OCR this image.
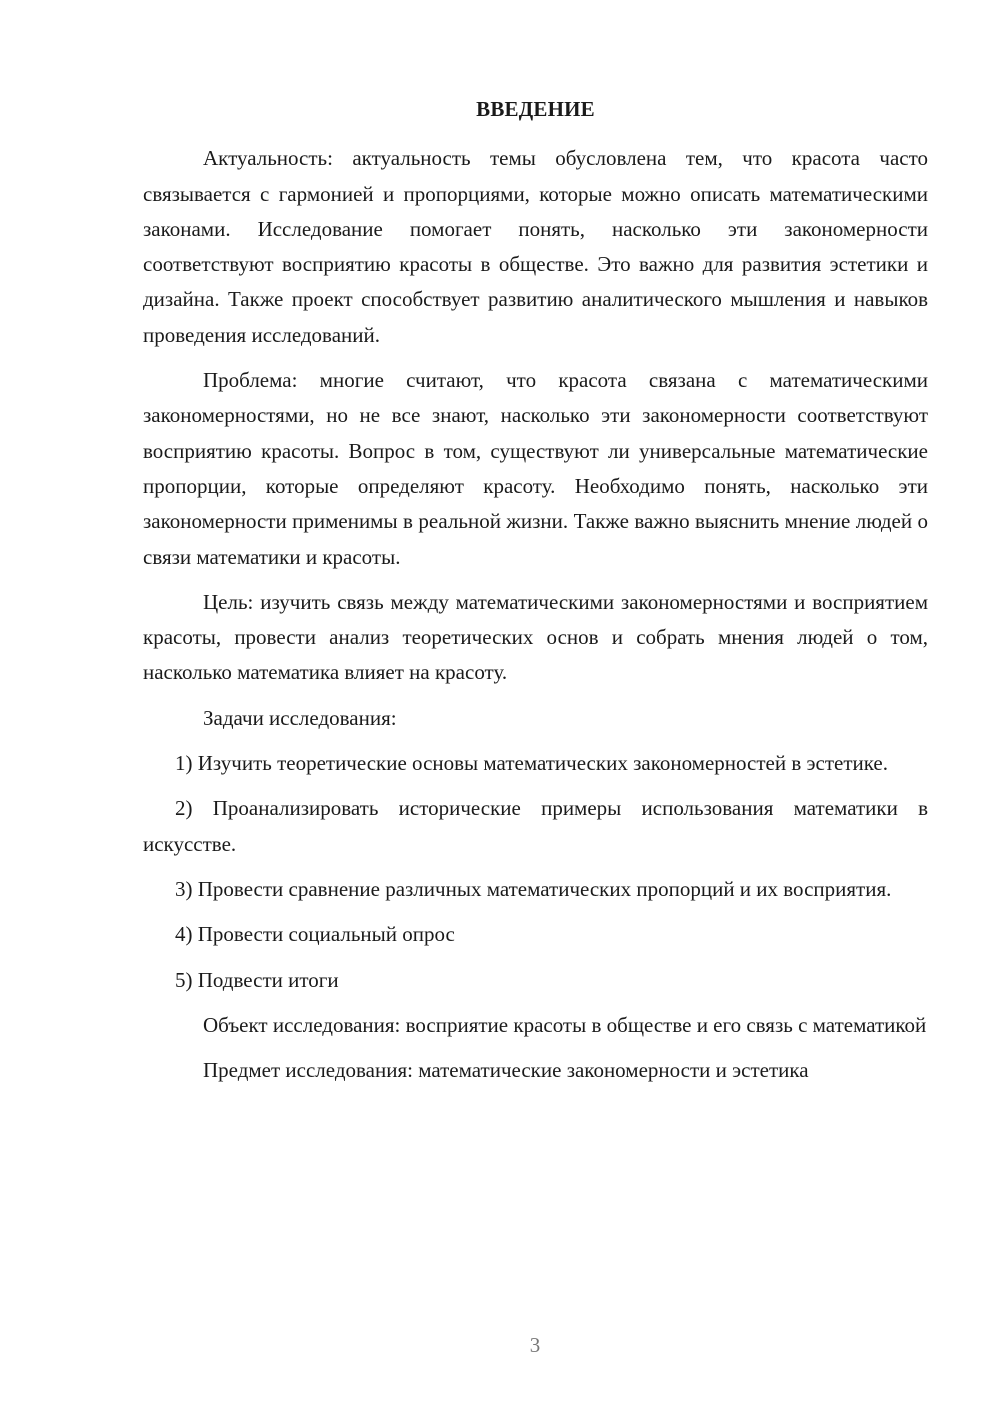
ВВЕДЕНИЕ

Актуальность: актуальность темы обусловлена тем, что красота часто связывается с гармонией и пропорциями, которые можно описать математическими законами. Исследование помогает понять, насколько эти закономерности соответствуют восприятию красоты в обществе. Это важно для развития эстетики и дизайна. Также проект способствует развитию аналитического мышления и навыков проведения исследований.

Проблема: многие считают, что красота связана с математическими закономерностями, но не все знают, насколько эти закономерности соответствуют восприятию красоты. Вопрос в том, существуют ли универсальные математические пропорции, которые определяют красоту. Необходимо понять, насколько эти закономерности применимы в реальной жизни. Также важно выяснить мнение людей о связи математики и красоты.

Цель: изучить связь между математическими закономерностями и восприятием красоты, провести анализ теоретических основ и собрать мнения людей о том, насколько математика влияет на красоту.

Задачи исследования:

1) Изучить теоретические основы математических закономерностей в эстетике.

2) Проанализировать исторические примеры использования математики в искусстве.

3) Провести сравнение различных математических пропорций и их восприятия.

4) Провести социальный опрос

5) Подвести итоги

Объект исследования: восприятие красоты в обществе и его связь с математикой

Предмет исследования: математические закономерности и эстетика

3
